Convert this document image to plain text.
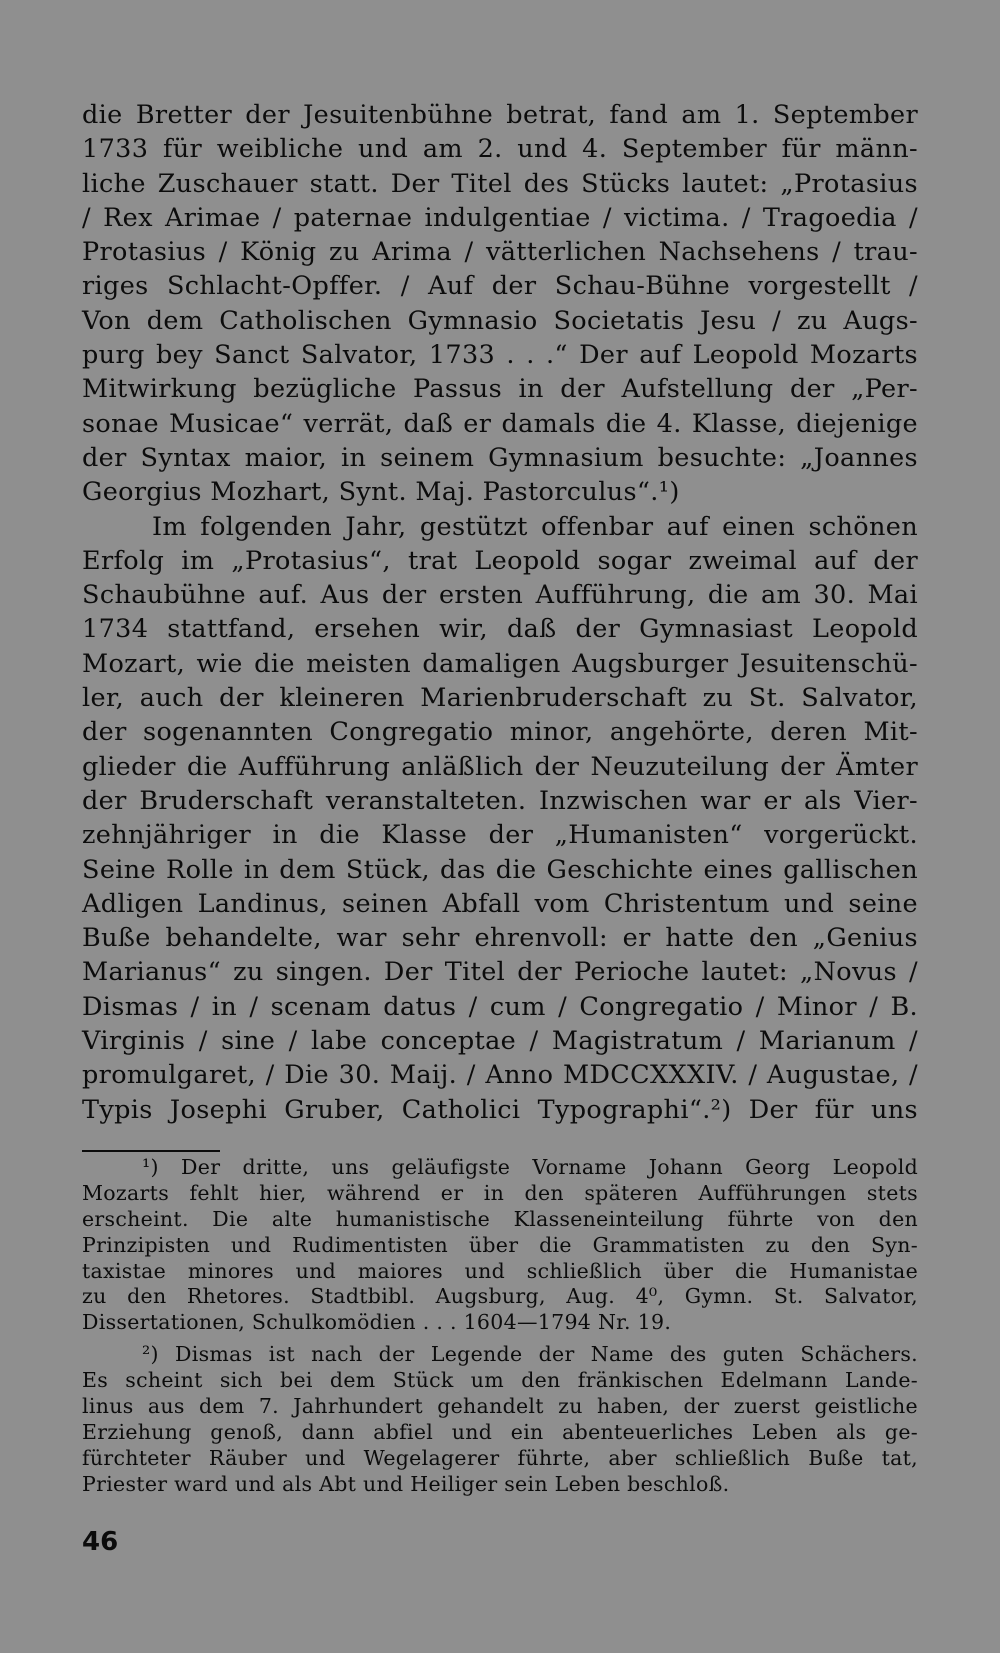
die Bretter der Jesuitenbühne betrat, fand am 1. September
1733 für weibliche und am 2. und 4. September für männ-
liche Zuschauer statt. Der Titel des Stücks lautet: „Protasius
/ Rex Arimae / paternae indulgentiae / victima. / Tragoedia /
Protasius / König zu Arima / vätterlichen Nachsehens / trau-
riges Schlacht-Opffer. / Auf der Schau-Bühne vorgestellt /
Von dem Catholischen Gymnasio Societatis Jesu / zu Augs-
purg bey Sanct Salvator, 1733 . . .“ Der auf Leopold Mozarts
Mitwirkung bezügliche Passus in der Aufstellung der „Per-
sonae Musicae“ verrät, daß er damals die 4. Klasse, diejenige
der Syntax maior, in seinem Gymnasium besuchte: „Joannes
Georgius Mozhart, Synt. Maj. Pastorculus“.¹)
Im folgenden Jahr, gestützt offenbar auf einen schönen
Erfolg im „Protasius“, trat Leopold sogar zweimal auf der
Schaubühne auf. Aus der ersten Aufführung, die am 30. Mai
1734 stattfand, ersehen wir, daß der Gymnasiast Leopold
Mozart, wie die meisten damaligen Augsburger Jesuitenschü-
ler, auch der kleineren Marienbruderschaft zu St. Salvator,
der sogenannten Congregatio minor, angehörte, deren Mit-
glieder die Aufführung anläßlich der Neuzuteilung der Ämter
der Bruderschaft veranstalteten. Inzwischen war er als Vier-
zehnjähriger in die Klasse der „Humanisten“ vorgerückt.
Seine Rolle in dem Stück, das die Geschichte eines gallischen
Adligen Landinus, seinen Abfall vom Christentum und seine
Buße behandelte, war sehr ehrenvoll: er hatte den „Genius
Marianus“ zu singen. Der Titel der Perioche lautet: „Novus /
Dismas / in / scenam datus / cum / Congregatio / Minor / B.
Virginis / sine / labe conceptae / Magistratum / Marianum /
promulgaret, / Die 30. Maij. / Anno MDCCXXXIV. / Augustae, /
Typis Josephi Gruber, Catholici Typographi“.²) Der für uns
¹) Der dritte, uns geläufigste Vorname Johann Georg Leopold
Mozarts fehlt hier, während er in den späteren Aufführungen stets
erscheint. Die alte humanistische Klasseneinteilung führte von den
Prinzipisten und Rudimentisten über die Grammatisten zu den Syn-
taxistae minores und maiores und schließlich über die Humanistae
zu den Rhetores. Stadtbibl. Augsburg, Aug. 4⁰, Gymn. St. Salvator,
Dissertationen, Schulkomödien . . . 1604—1794 Nr. 19.
²) Dismas ist nach der Legende der Name des guten Schächers.
Es scheint sich bei dem Stück um den fränkischen Edelmann Lande-
linus aus dem 7. Jahrhundert gehandelt zu haben, der zuerst geistliche
Erziehung genoß, dann abfiel und ein abenteuerliches Leben als ge-
fürchteter Räuber und Wegelagerer führte, aber schließlich Buße tat,
Priester ward und als Abt und Heiliger sein Leben beschloß.
46
